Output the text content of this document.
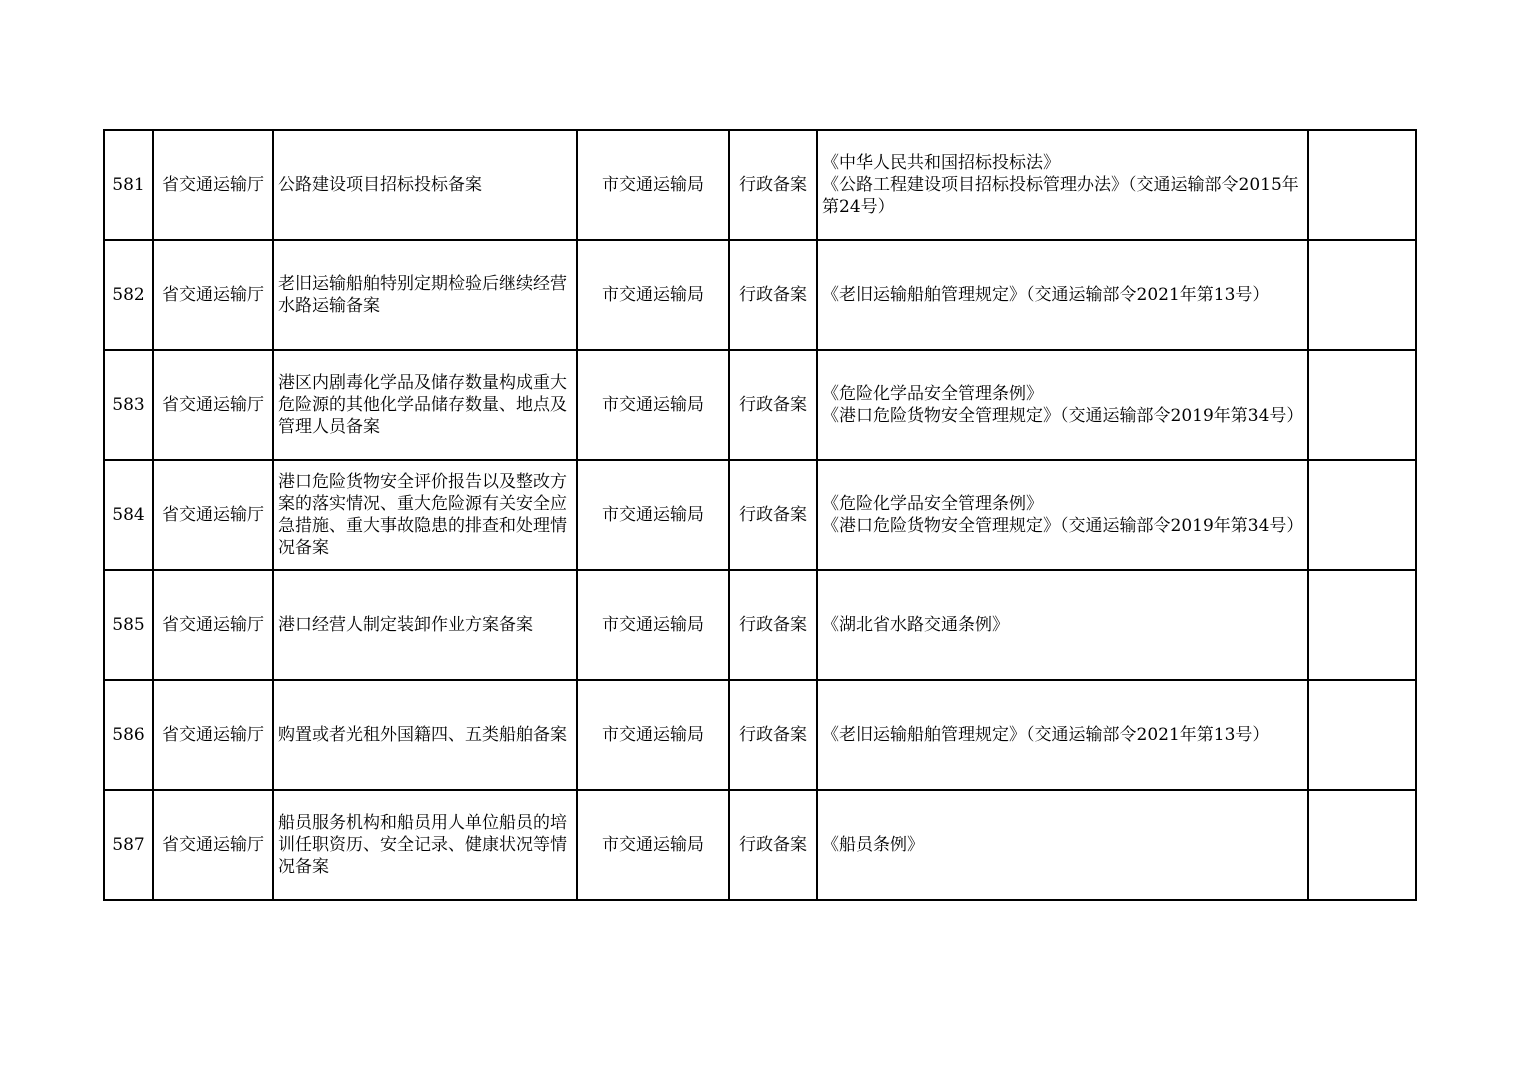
581	省交通运输厅	公路建设项目招标投标备案	市交通运输局	行政备案	《中华人民共和国招标投标法》
《公路工程建设项目招标投标管理办法》（交通运输部令2015年第24号）	

582	省交通运输厅	老旧运输船舶特别定期检验后继续经营水路运输备案	市交通运输局	行政备案	《老旧运输船舶管理规定》（交通运输部令2021年第13号）	

583	省交通运输厅	港区内剧毒化学品及储存数量构成重大危险源的其他化学品储存数量、地点及管理人员备案	市交通运输局	行政备案	《危险化学品安全管理条例》
《港口危险货物安全管理规定》（交通运输部令2019年第34号）	

584	省交通运输厅	港口危险货物安全评价报告以及整改方案的落实情况、重大危险源有关安全应急措施、重大事故隐患的排查和处理情况备案	市交通运输局	行政备案	《危险化学品安全管理条例》
《港口危险货物安全管理规定》（交通运输部令2019年第34号）	

585	省交通运输厅	港口经营人制定装卸作业方案备案	市交通运输局	行政备案	《湖北省水路交通条例》	

586	省交通运输厅	购置或者光租外国籍四、五类船舶备案	市交通运输局	行政备案	《老旧运输船舶管理规定》（交通运输部令2021年第13号）	

587	省交通运输厅	船员服务机构和船员用人单位船员的培训任职资历、安全记录、健康状况等情况备案	市交通运输局	行政备案	《船员条例》	
